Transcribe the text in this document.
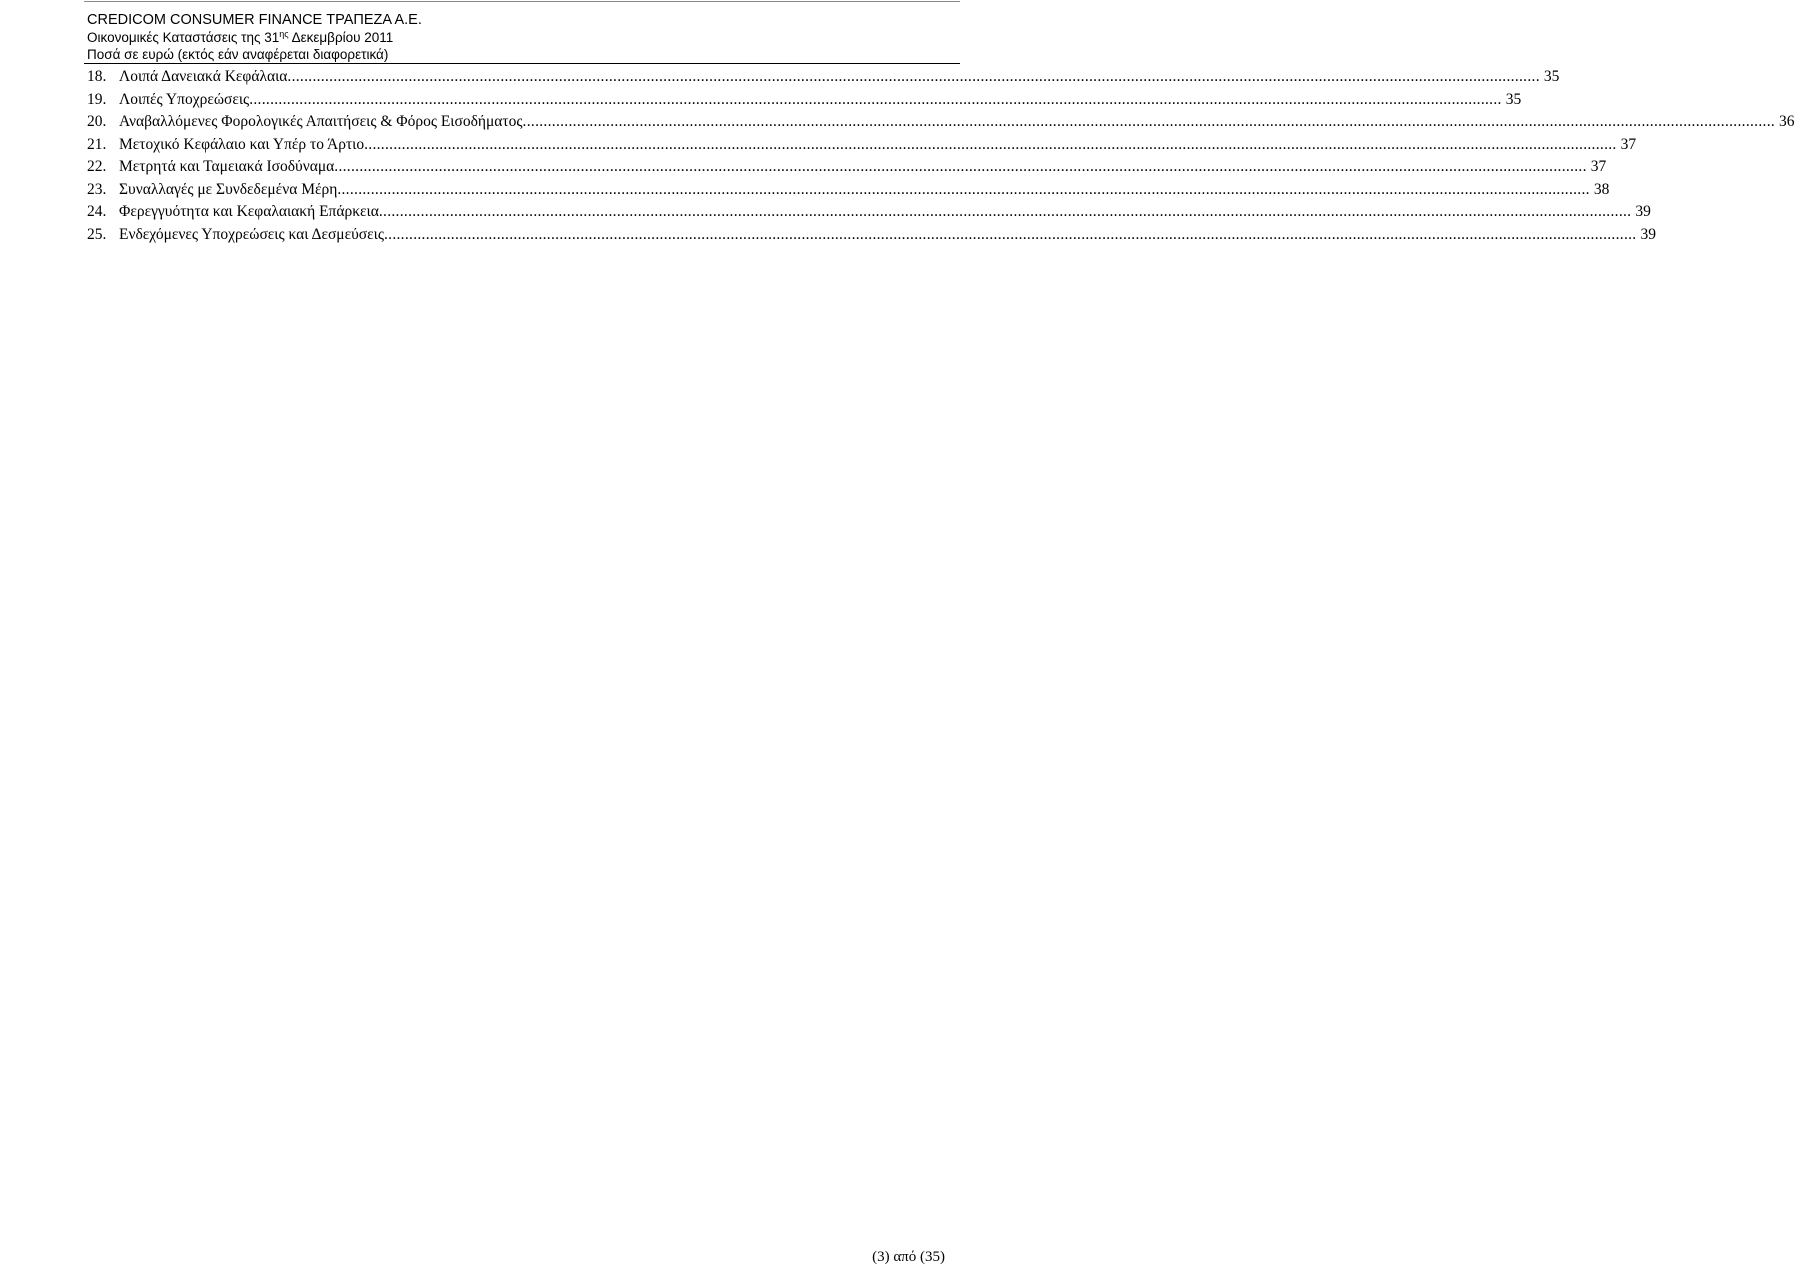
CREDICOM CONSUMER FINANCE ΤΡΑΠΕΖΑ Α.Ε.
Οικονομικές Καταστάσεις της $31^{\eta\varsigma}$ Δεκεμβρίου 2011
Ποσά σε ευρώ (εκτός εάν αναφέρεται διαφορετικά)
18. Λοιπά Δανειακά Κεφάλαια ............................................................................................................................................................................................................................................................................................................ 35
19. Λοιπές Υποχρεώσεις ............................................................................................................................................................................................................................................................................................................ 35
20. Αναβαλλόμενες Φορολογικές Απαιτήσεις & Φόρος Εισοδήματος ............................................................................................................................................................................................................................................................................................................ 36
21. Μετοχικό Κεφάλαιο και Υπέρ το Άρτιο ............................................................................................................................................................................................................................................................................................................ 37
22. Μετρητά και Ταμειακά Ισοδύναμα ............................................................................................................................................................................................................................................................................................................ 37
23. Συναλλαγές με Συνδεδεμένα Μέρη ............................................................................................................................................................................................................................................................................................................ 38
24. Φερεγγυότητα και Κεφαλαιακή Επάρκεια ............................................................................................................................................................................................................................................................................................................ 39
25. Ενδεχόμενες Υποχρεώσεις και Δεσμεύσεις ............................................................................................................................................................................................................................................................................................................ 39
(3) από (35)
